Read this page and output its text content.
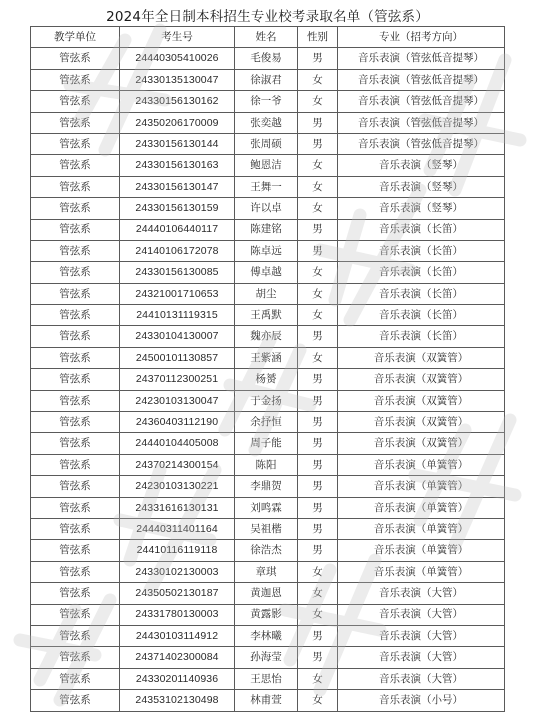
2024年全日制本科招生专业校考录取名单（管弦系）
教学单位	考生号	姓名	性别	专业（招考方向）
管弦系	24440305410026	毛俊易	男	音乐表演（管弦低音提琴）
管弦系	24330135130047	徐淑君	女	音乐表演（管弦低音提琴）
管弦系	24330156130162	徐一爷	女	音乐表演（管弦低音提琴）
管弦系	24350206170009	张奕越	男	音乐表演（管弦低音提琴）
管弦系	24330156130144	张周硕	男	音乐表演（管弦低音提琴）
管弦系	24330156130163	鲍恩洁	女	音乐表演（竖琴）
管弦系	24330156130147	王舞一	女	音乐表演（竖琴）
管弦系	24330156130159	许以卓	女	音乐表演（竖琴）
管弦系	24440106440117	陈建铭	男	音乐表演（长笛）
管弦系	24140106172078	陈卓远	男	音乐表演（长笛）
管弦系	24330156130085	傅卓越	女	音乐表演（长笛）
管弦系	24321001710653	胡尘	女	音乐表演（长笛）
管弦系	24410131119315	王禹默	女	音乐表演（长笛）
管弦系	24330104130007	魏亦辰	男	音乐表演（长笛）
管弦系	24500101130857	王紫涵	女	音乐表演（双簧管）
管弦系	24370112300251	杨赟	男	音乐表演（双簧管）
管弦系	24230103130047	于金扬	男	音乐表演（双簧管）
管弦系	24360403112190	余抒恒	男	音乐表演（双簧管）
管弦系	24440104405008	周子能	男	音乐表演（双簧管）
管弦系	24370214300154	陈阳	男	音乐表演（单簧管）
管弦系	24230103130221	李鼎贺	男	音乐表演（单簧管）
管弦系	24331616130131	刘鸣霖	男	音乐表演（单簧管）
管弦系	24440311401164	吴祖楷	男	音乐表演（单簧管）
管弦系	24410116119118	徐浩杰	男	音乐表演（单簧管）
管弦系	24330102130003	章琪	女	音乐表演（单簧管）
管弦系	24350502130187	黄迦恩	女	音乐表演（大管）
管弦系	24331780130003	黄露影	女	音乐表演（大管）
管弦系	24430103114912	李林曦	男	音乐表演（大管）
管弦系	24371402300084	孙海莹	男	音乐表演（大管）
管弦系	24330201140936	王思怡	女	音乐表演（大管）
管弦系	24353102130498	林甫萱	女	音乐表演（小号）
